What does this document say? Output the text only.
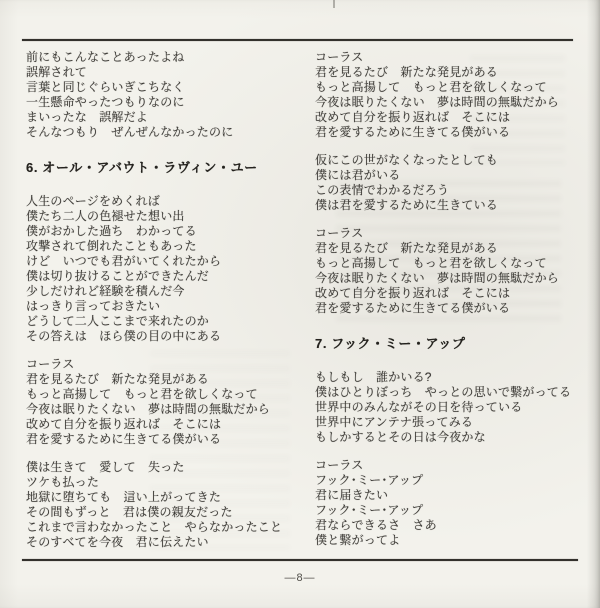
前にもこんなことあったよね
誤解されて
言葉と同じぐらいぎこちなく
一生懸命やったつもりなのに
まいったな　誤解だよ
そんなつもり　ぜんぜんなかったのに
6. オール・アバウト・ラヴィン・ユー
人生のページをめくれば
僕たち二人の色褪せた想い出
僕がおかした過ち　わかってる
攻撃されて倒れたこともあった
けど　いつでも君がいてくれたから
僕は切り抜けることができたんだ
少しだけれど経験を積んだ今
はっきり言っておきたい
どうして二人ここまで来れたのか
その答えは　ほら僕の目の中にある
コーラス
君を見るたび　新たな発見がある
もっと高揚して　もっと君を欲しくなって
今夜は眠りたくない　夢は時間の無駄だから
改めて自分を振り返れば　そこには
君を愛するために生きてる僕がいる
僕は生きて　愛して　失った
ツケも払った
地獄に堕ちても　這い上がってきた
その間もずっと　君は僕の親友だった
これまで言わなかったこと　やらなかったこと
そのすべてを今夜　君に伝えたい
コーラス
君を見るたび　新たな発見がある
もっと高揚して　もっと君を欲しくなって
今夜は眠りたくない　夢は時間の無駄だから
改めて自分を振り返れば　そこには
君を愛するために生きてる僕がいる
仮にこの世がなくなったとしても
僕には君がいる
この表情でわかるだろう
僕は君を愛するために生きている
コーラス
君を見るたび　新たな発見がある
もっと高揚して　もっと君を欲しくなって
今夜は眠りたくない　夢は時間の無駄だから
改めて自分を振り返れば　そこには
君を愛するために生きてる僕がいる
7. フック・ミー・アップ
もしもし　誰かいる?
僕はひとりぼっち　やっとの思いで繋がってる
世界中のみんながその日を待っている
世界中にアンテナ張ってみる
もしかするとその日は今夜かな
コーラス
フック･ミー･アップ
君に届きたい
フック･ミー･アップ
君ならできるさ　さあ
僕と繋がってよ
—8—
